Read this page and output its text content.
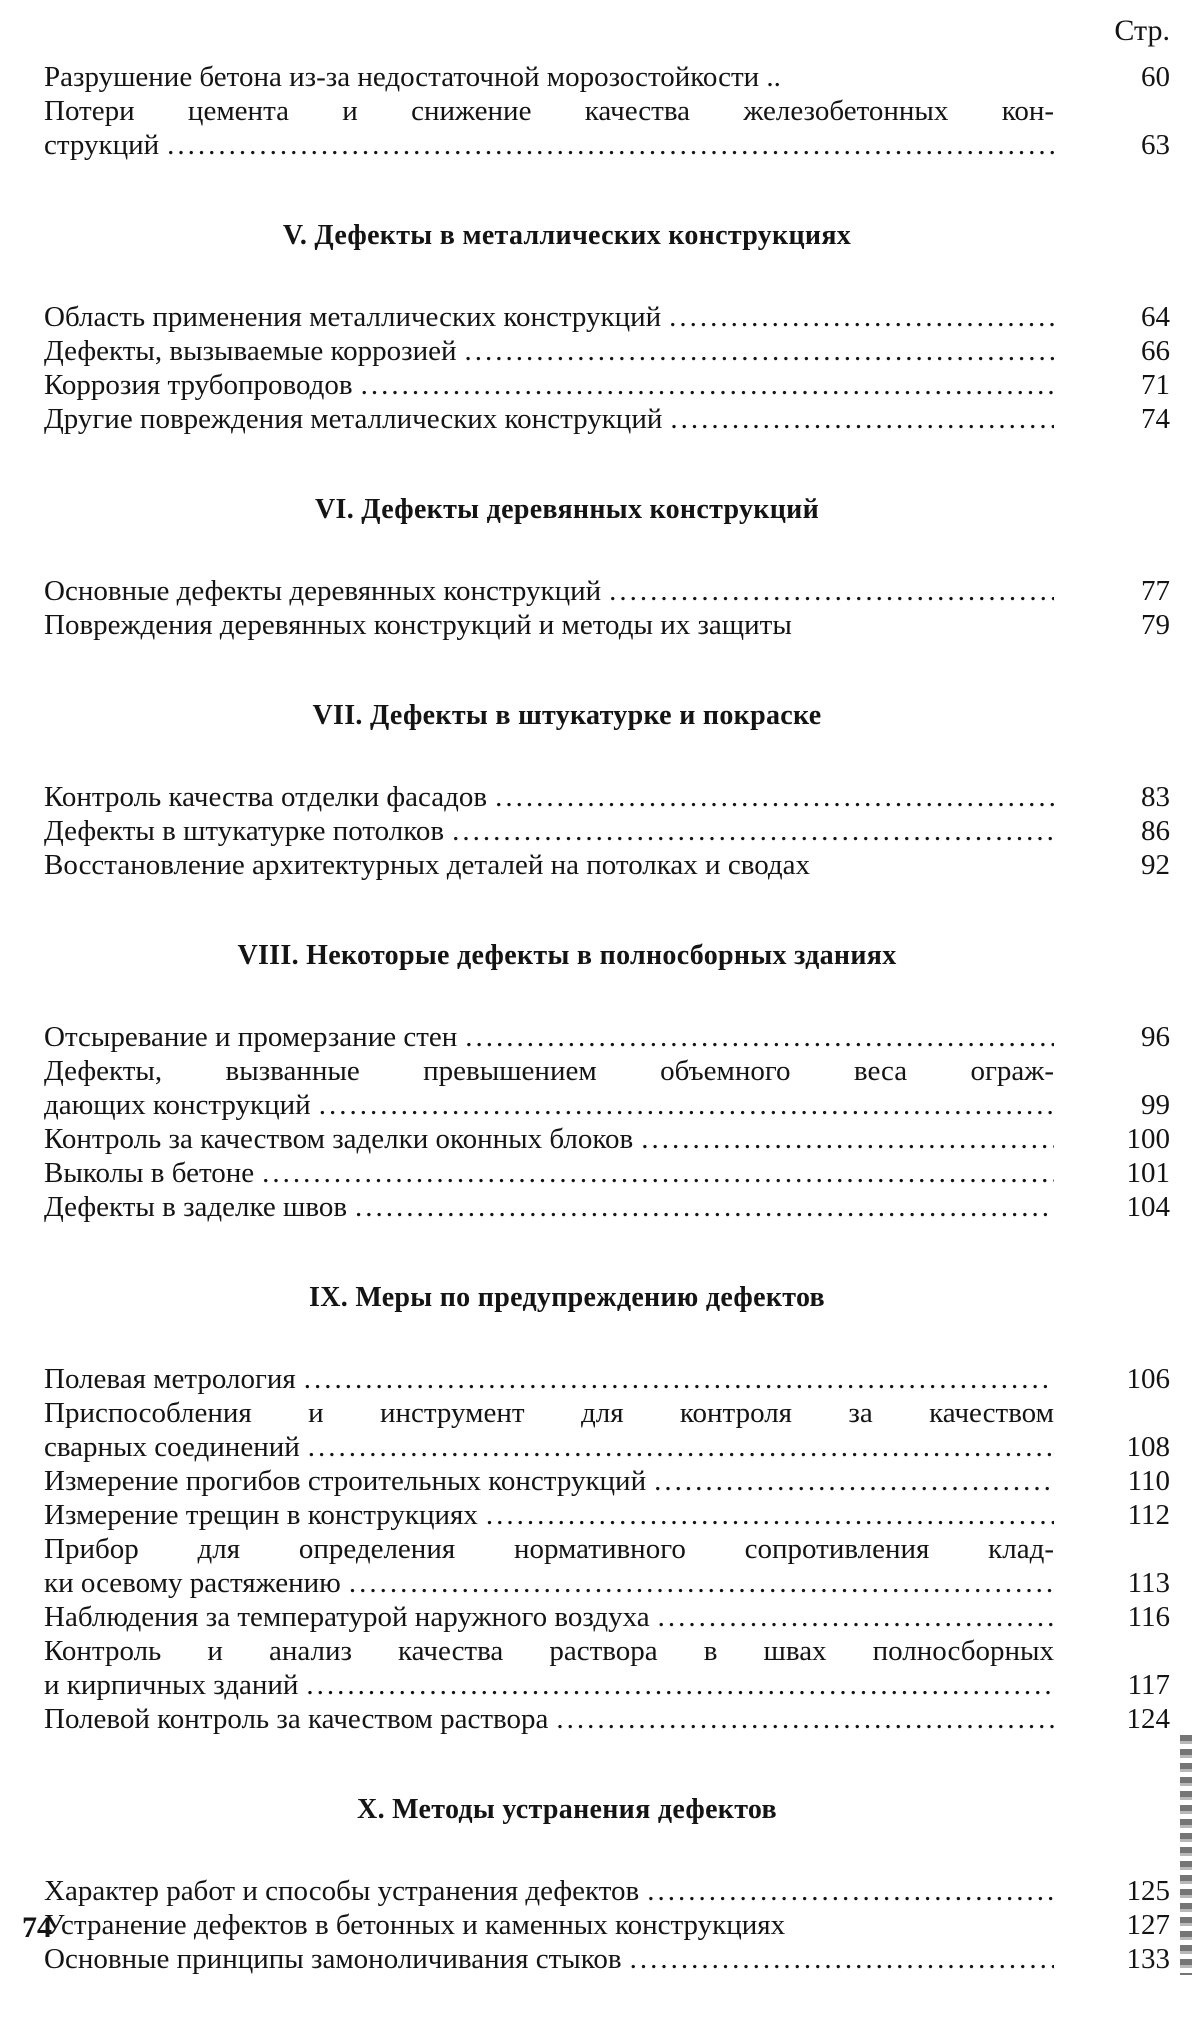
Стр.
Разрушение бетона из-за недостаточной морозостойкости ..	60
Потери цемента и снижение качества железобетонных кон-
струкций .....	63
V. Дефекты в металлических конструкциях
Область применения металлических конструкций .....	64
Дефекты, вызываемые коррозией .....	66
Коррозия трубопроводов .....	71
Другие повреждения металлических конструкций .....	74
VI. Дефекты деревянных конструкций
Основные дефекты деревянных конструкций .....	77
Повреждения деревянных конструкций и методы их защиты	79
VII. Дефекты в штукатурке и покраске
Контроль качества отделки фасадов .....	83
Дефекты в штукатурке потолков .....	86
Восстановление архитектурных деталей на потолках и сводах	92
VIII. Некоторые дефекты в полносборных зданиях
Отсыревание и промерзание стен .....	96
Дефекты, вызванные превышением объемного веса ограж-
дающих конструкций .....	99
Контроль за качеством заделки оконных блоков .....	100
Выколы в бетоне .....	101
Дефекты в заделке швов .....	104
IX. Меры по предупреждению дефектов
Полевая метрология .....	106
Приспособления и инструмент для контроля за качеством
сварных соединений .....	108
Измерение прогибов строительных конструкций .....	110
Измерение трещин в конструкциях .....	112
Прибор для определения нормативного сопротивления клад-
ки осевому растяжению .....	113
Наблюдения за температурой наружного воздуха .....	116
Контроль и анализ качества раствора в швах полносборных
и кирпичных зданий .....	117
Полевой контроль за качеством раствора .....	124
X. Методы устранения дефектов
Характер работ и способы устранения дефектов .....	125
Устранение дефектов в бетонных и каменных конструкциях	127
Основные принципы замоноличивания стыков .....	133
74
